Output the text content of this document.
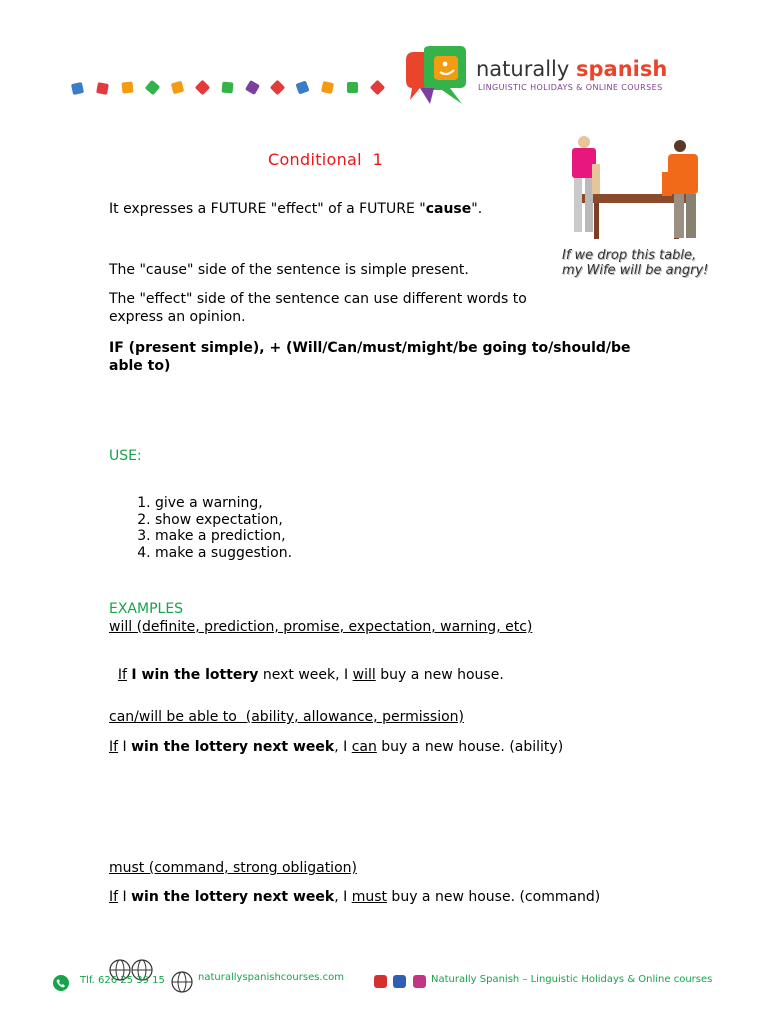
naturally spanish
LINGUISTIC HOLIDAYS & ONLINE COURSES
Conditional  1
If we drop this table,
my Wife will be angry!
It expresses a FUTURE "effect" of a FUTURE "cause".
The "cause" side of the sentence is simple present.
The "effect" side of the sentence can use different words to express an opinion.
IF (present simple), + (Will/Can/must/might/be going to/should/be able to)
USE:
1. give a warning,
2. show expectation,
3. make a prediction,
4. make a suggestion.
EXAMPLES
will (definite, prediction, promise, expectation, warning, etc)

If I win the lottery next week, I will buy a new house.

can/will be able to  (ability, allowance, permission)
If I win the lottery next week, I can buy a new house. (ability)
must (command, strong obligation)
If I win the lottery next week, I must buy a new house. (command)
Tlf. 626 25 39 15	naturallyspanishcourses.com
	Naturally Spanish – Linguistic Holidays & Online courses
